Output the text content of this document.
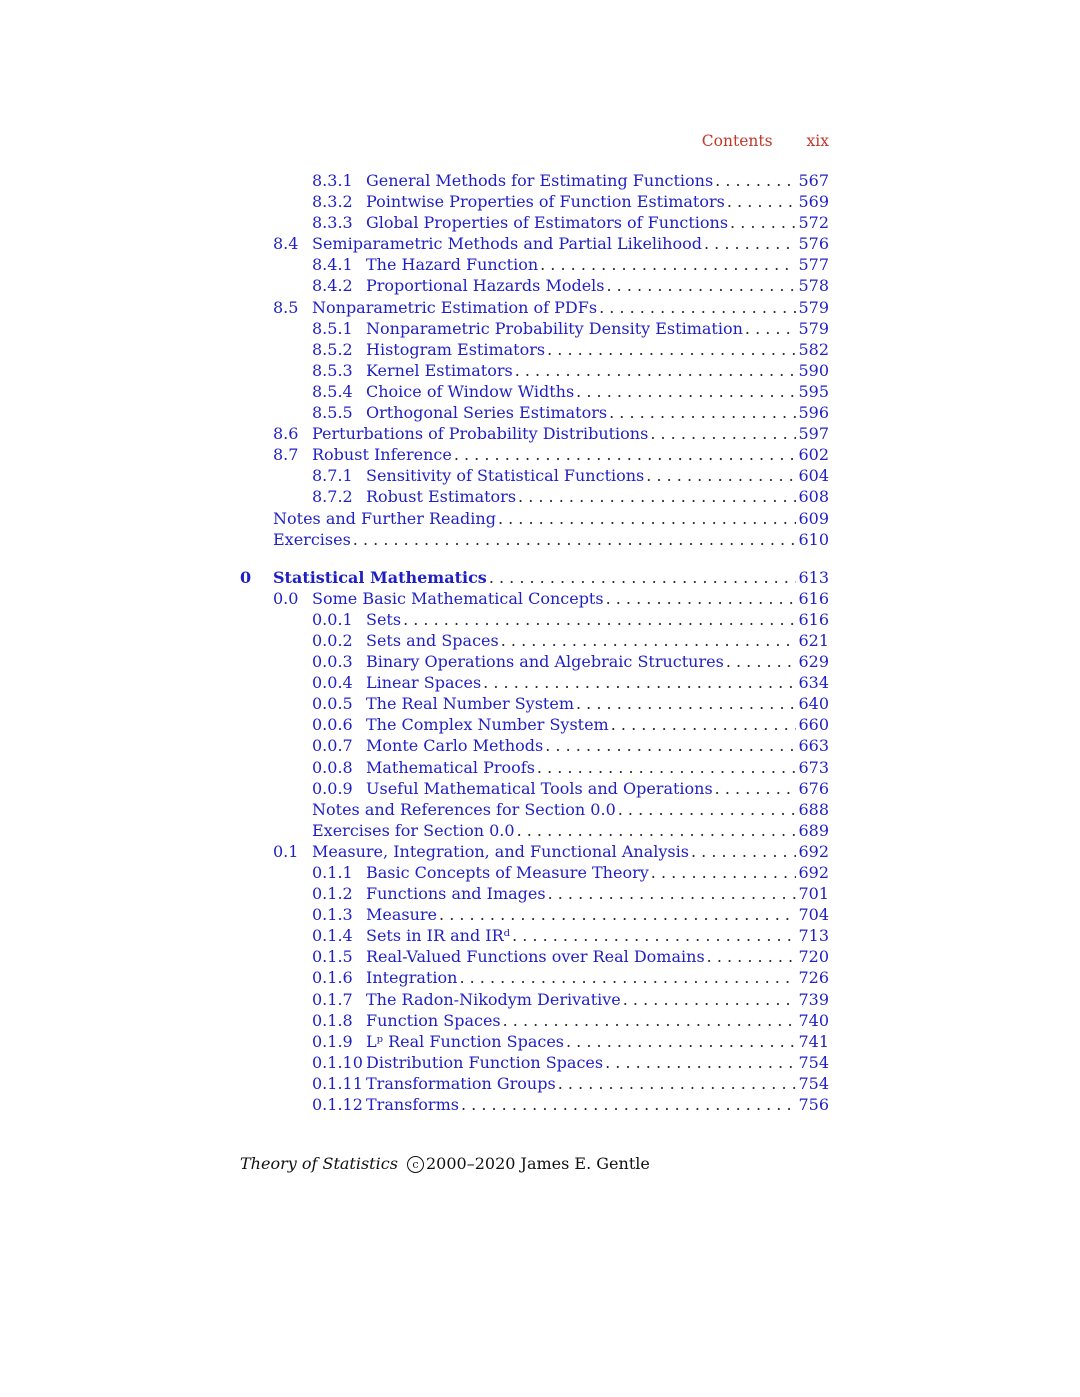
Contents xix
8.3.1 General Methods for Estimating Functions . . .	567
8.3.2 Pointwise Properties of Function Estimators . . .	569
8.3.3 Global Properties of Estimators of Functions . . .	572
8.4 Semiparametric Methods and Partial Likelihood . . .	576
8.4.1 The Hazard Function . . .	577
8.4.2 Proportional Hazards Models . . .	578
8.5 Nonparametric Estimation of PDFs . . .	579
8.5.1 Nonparametric Probability Density Estimation . . .	579
8.5.2 Histogram Estimators . . .	582
8.5.3 Kernel Estimators . . .	590
8.5.4 Choice of Window Widths . . .	595
8.5.5 Orthogonal Series Estimators . . .	596
8.6 Perturbations of Probability Distributions . . .	597
8.7 Robust Inference . . .	602
8.7.1 Sensitivity of Statistical Functions . . .	604
8.7.2 Robust Estimators . . .	608
Notes and Further Reading . . .	609
Exercises . . .	610
0	Statistical Mathematics . . .	613
0.0 Some Basic Mathematical Concepts . . .	616
0.0.1 Sets . . .	616
0.0.2 Sets and Spaces . . .	621
0.0.3 Binary Operations and Algebraic Structures . . .	629
0.0.4 Linear Spaces . . .	634
0.0.5 The Real Number System . . .	640
0.0.6 The Complex Number System . . .	660
0.0.7 Monte Carlo Methods . . .	663
0.0.8 Mathematical Proofs . . .	673
0.0.9 Useful Mathematical Tools and Operations . . .	676
Notes and References for Section 0.0 . . .	688
Exercises for Section 0.0 . . .	689
0.1 Measure, Integration, and Functional Analysis . . .	692
0.1.1 Basic Concepts of Measure Theory . . .	692
0.1.2 Functions and Images . . .	701
0.1.3 Measure . . .	704
0.1.4 Sets in IR and IRᵈ . . .	713
0.1.5 Real-Valued Functions over Real Domains . . .	720
0.1.6 Integration . . .	726
0.1.7 The Radon-Nikodym Derivative . . .	739
0.1.8 Function Spaces . . .	740
0.1.9 Lᵖ Real Function Spaces . . .	741
0.1.10 Distribution Function Spaces . . .	754
0.1.11 Transformation Groups . . .	754
0.1.12 Transforms . . .	756
Theory of Statistics c 2000–2020 James E. Gentle
